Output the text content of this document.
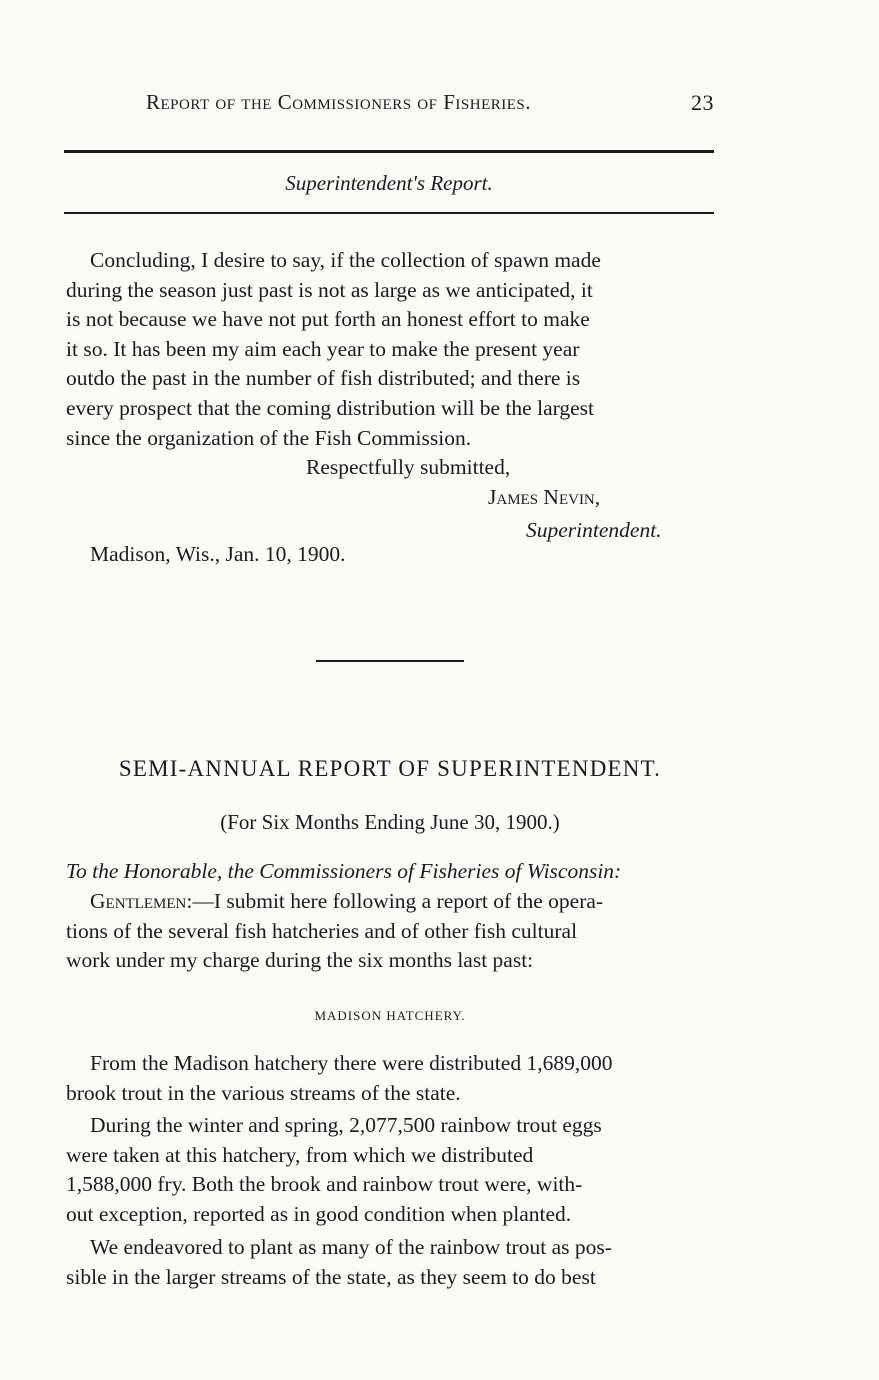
Report of the Commissioners of Fisheries.	23
Superintendent's Report.
Concluding, I desire to say, if the collection of spawn made
during the season just past is not as large as we anticipated, it
is not because we have not put forth an honest effort to make
it so. It has been my aim each year to make the present year
outdo the past in the number of fish distributed; and there is
every prospect that the coming distribution will be the largest
since the organization of the Fish Commission.
Respectfully submitted,
James Nevin,
Superintendent.
Madison, Wis., Jan. 10, 1900.
SEMI-ANNUAL REPORT OF SUPERINTENDENT.
(For Six Months Ending June 30, 1900.)
To the Honorable, the Commissioners of Fisheries of Wisconsin:
Gentlemen:—I submit here following a report of the opera-
tions of the several fish hatcheries and of other fish cultural
work under my charge during the six months last past:
MADISON HATCHERY.
From the Madison hatchery there were distributed 1,689,000
brook trout in the various streams of the state.
During the winter and spring, 2,077,500 rainbow trout eggs
were taken at this hatchery, from which we distributed
1,588,000 fry. Both the brook and rainbow trout were, with-
out exception, reported as in good condition when planted.
We endeavored to plant as many of the rainbow trout as pos-
sible in the larger streams of the state, as they seem to do best
